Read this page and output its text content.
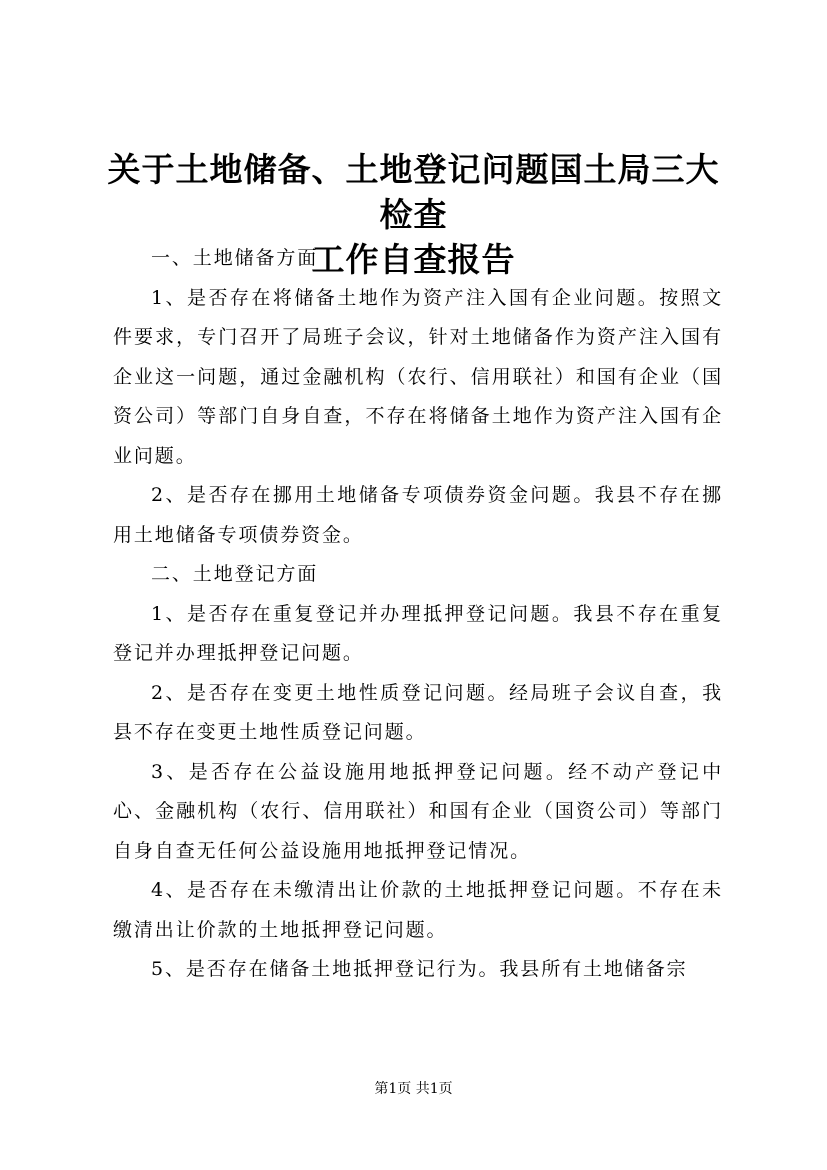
关于土地储备、土地登记问题国土局三大检查
工作自查报告

一、土地储备方面

1、是否存在将储备土地作为资产注入国有企业问题。按照文件要求，专门召开了局班子会议，针对土地储备作为资产注入国有企业这一问题，通过金融机构（农行、信用联社）和国有企业（国资公司）等部门自身自查，不存在将储备土地作为资产注入国有企业问题。

2、是否存在挪用土地储备专项债券资金问题。我县不存在挪用土地储备专项债券资金。

二、土地登记方面

1、是否存在重复登记并办理抵押登记问题。我县不存在重复登记并办理抵押登记问题。

2、是否存在变更土地性质登记问题。经局班子会议自查，我县不存在变更土地性质登记问题。

3、是否存在公益设施用地抵押登记问题。经不动产登记中心、金融机构（农行、信用联社）和国有企业（国资公司）等部门自身自查无任何公益设施用地抵押登记情况。

4、是否存在未缴清出让价款的土地抵押登记问题。不存在未缴清出让价款的土地抵押登记问题。

5、是否存在储备土地抵押登记行为。我县所有土地储备宗

第1页 共1页
